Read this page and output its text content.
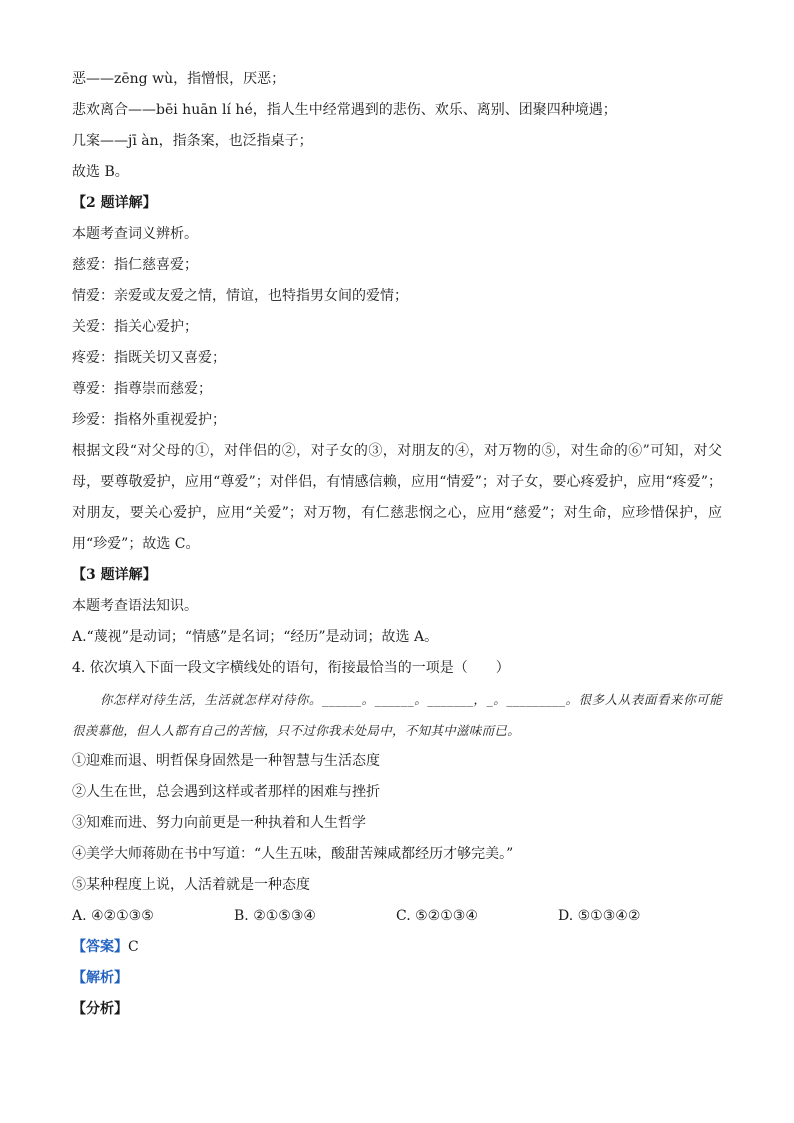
恶——zēng wù，指憎恨，厌恶；
悲欢离合——bēi huān lí hé，指人生中经常遇到的悲伤、欢乐、离别、团聚四种境遇；
几案——jī àn，指条案，也泛指桌子；
故选 B。
【2 题详解】
本题考查词义辨析。
慈爱：指仁慈喜爱；
情爱：亲爱或友爱之情，情谊，也特指男女间的爱情；
关爱：指关心爱护；
疼爱：指既关切又喜爱；
尊爱：指尊崇而慈爱；
珍爱：指格外重视爱护；
根据文段“对父母的①，对伴侣的②，对子女的③，对朋友的④，对万物的⑤，对生命的⑥”可知，对父母，要尊敬爱护，应用“尊爱”；对伴侣，有情感信赖，应用“情爱”；对子女，要心疼爱护，应用“疼爱”；对朋友，要关心爱护，应用“关爱”；对万物，有仁慈悲悯之心，应用“慈爱”；对生命，应珍惜保护，应用“珍爱”；故选 C。
【3 题详解】
本题考查语法知识。
A.“蔑视”是动词；“情感”是名词；“经历”是动词；故选 A。
4. 依次填入下面一段文字横线处的语句，衔接最恰当的一项是（　　）
你怎样对待生活，生活就怎样对待你。______。______。_______，_。_________。很多人从表面看来你可能很羡慕他，但人人都有自己的苦恼，只不过你我未处局中，不知其中滋味而已。
①迎难而退、明哲保身固然是一种智慧与生活态度
②人生在世，总会遇到这样或者那样的困难与挫折
③知难而进、努力向前更是一种执着和人生哲学
④美学大师蒋勋在书中写道：“人生五味，酸甜苦辣咸都经历才够完美。”
⑤某种程度上说，人活着就是一种态度
A. ④②①③⑤	B. ②①⑤③④	C. ⑤②①③④	D. ⑤①③④②
【答案】C
【解析】
【分析】
